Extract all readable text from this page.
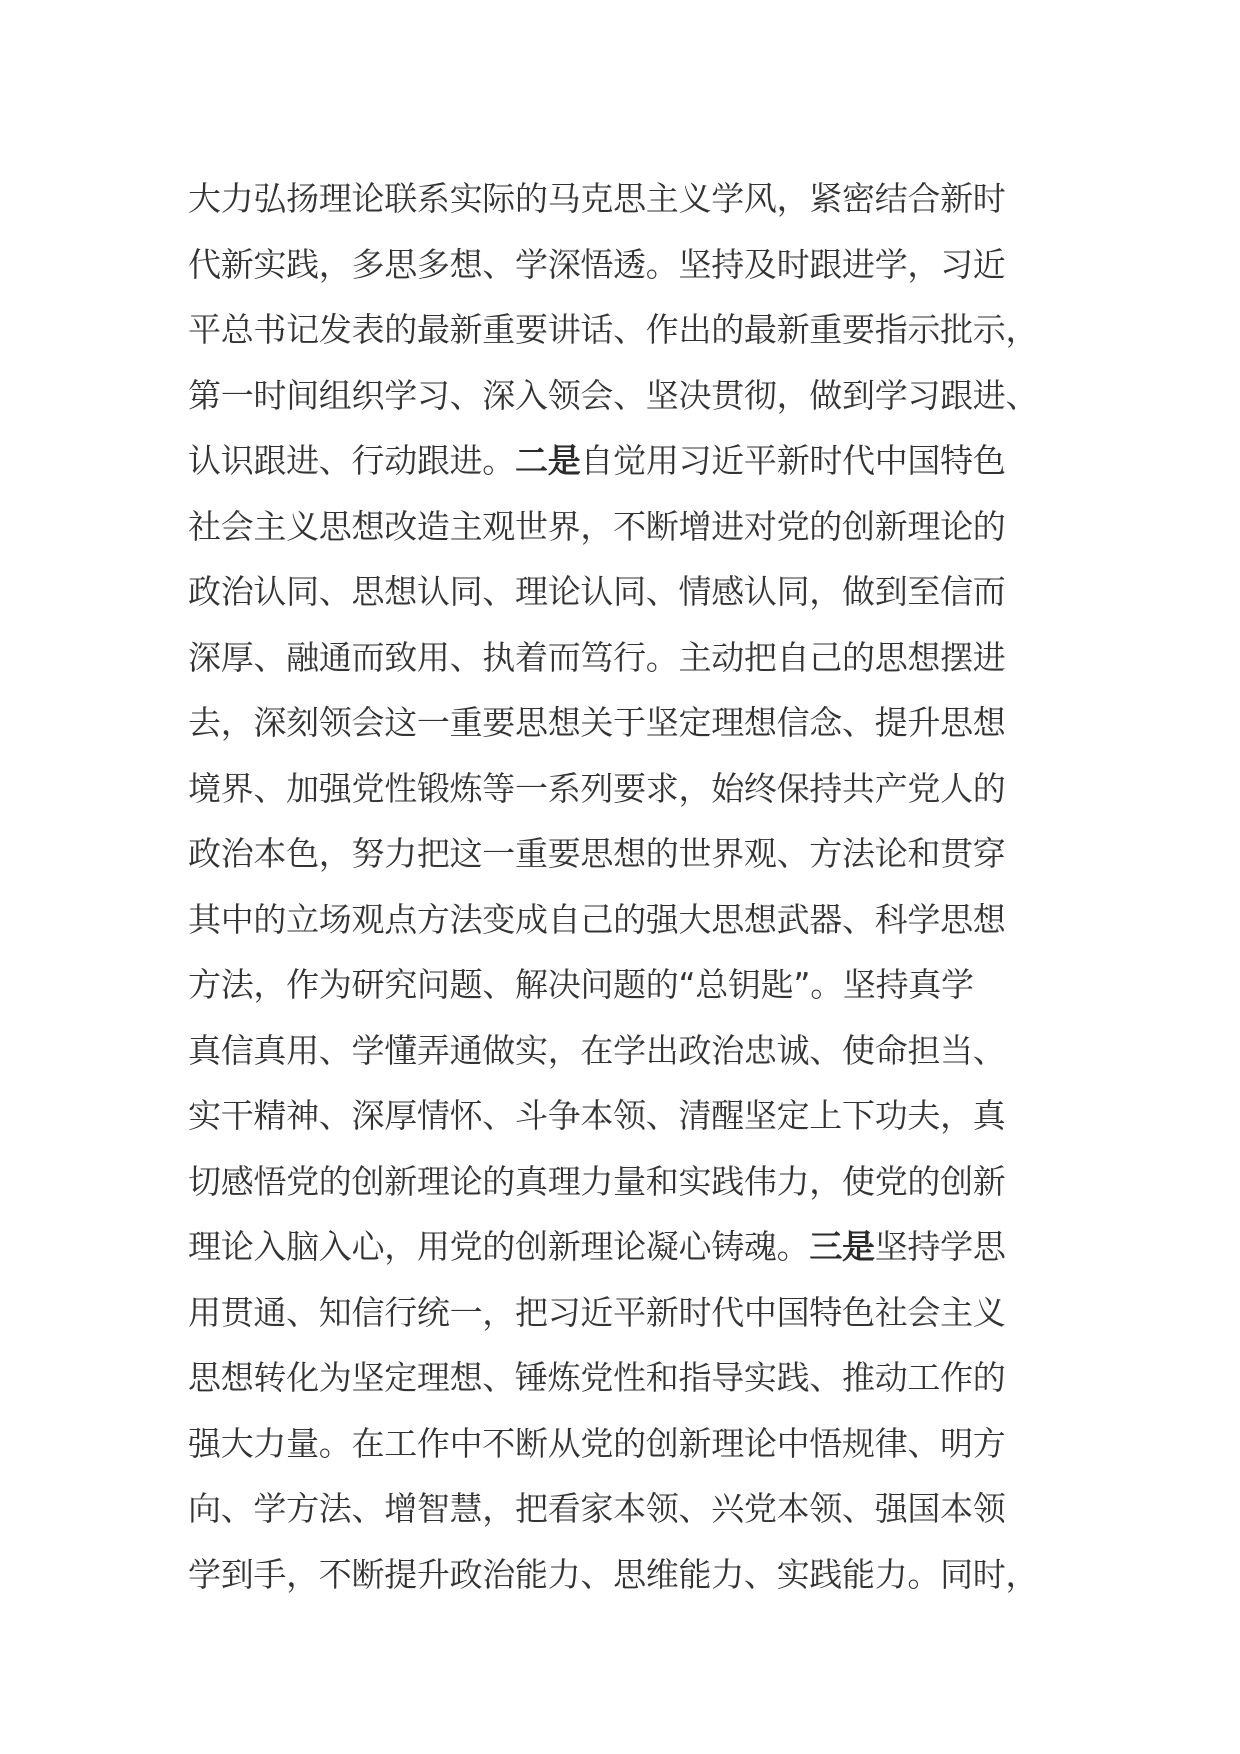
大力弘扬理论联系实际的马克思主义学风，紧密结合新时
代新实践，多思多想、学深悟透。坚持及时跟进学，习近
平总书记发表的最新重要讲话、作出的最新重要指示批示，
第一时间组织学习、深入领会、坚决贯彻，做到学习跟进、
认识跟进、行动跟进。二是自觉用习近平新时代中国特色
社会主义思想改造主观世界，不断增进对党的创新理论的
政治认同、思想认同、理论认同、情感认同，做到至信而
深厚、融通而致用、执着而笃行。主动把自己的思想摆进
去，深刻领会这一重要思想关于坚定理想信念、提升思想
境界、加强党性锻炼等一系列要求，始终保持共产党人的
政治本色，努力把这一重要思想的世界观、方法论和贯穿
其中的立场观点方法变成自己的强大思想武器、科学思想
方法，作为研究问题、解决问题的“总钥匙”。坚持真学
真信真用、学懂弄通做实，在学出政治忠诚、使命担当、
实干精神、深厚情怀、斗争本领、清醒坚定上下功夫，真
切感悟党的创新理论的真理力量和实践伟力，使党的创新
理论入脑入心，用党的创新理论凝心铸魂。三是坚持学思
用贯通、知信行统一，把习近平新时代中国特色社会主义
思想转化为坚定理想、锤炼党性和指导实践、推动工作的
强大力量。在工作中不断从党的创新理论中悟规律、明方
向、学方法、增智慧，把看家本领、兴党本领、强国本领
学到手，不断提升政治能力、思维能力、实践能力。同时，
